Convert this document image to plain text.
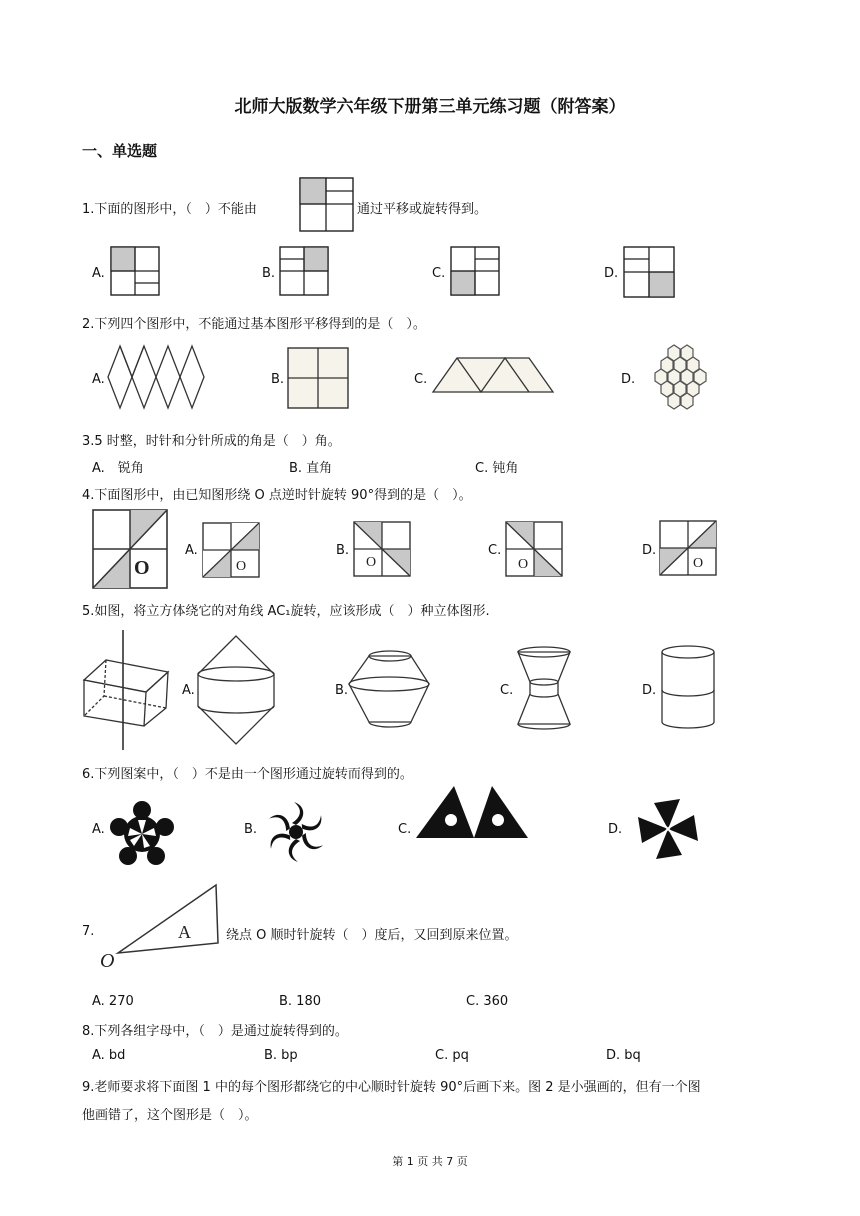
北师大版数学六年级下册第三单元练习题（附答案）
一、单选题
1.下面的图形中，（　）不能由	通过平移或旋转得到。
A.	B.	C.	D.
2.下列四个图形中，不能通过基本图形平移得到的是（　）。
A.	B.	C.	D.
3.5 时整，时针和分针所成的角是（　）角。
A.　锐角	B. 直角	C. 钝角
4.下面图形中，由已知图形绕 O 点逆时针旋转 90°得到的是（　）。
O
A.
O
B.
O
C.
O
D.
O
5.如图，将立方体绕它的对角线 AC₁旋转，应该形成（　）种立体图形.
A.	B.	C.	D.
6.下列图案中，（　）不是由一个图形通过旋转而得到的。
A.	B.	C.	D.
7.	A
O
绕点 O 顺时针旋转（　）度后，又回到原来位置。
A. 270	B. 180	C. 360
8.下列各组字母中，（　）是通过旋转得到的。
A. bd	B. bp	C. pq	D. bq
9.老师要求将下面图 1 中的每个图形都绕它的中心顺时针旋转 90°后画下来。图 2 是小强画的，但有一个图
他画错了，这个图形是（　）。
第 1 页 共 7 页
